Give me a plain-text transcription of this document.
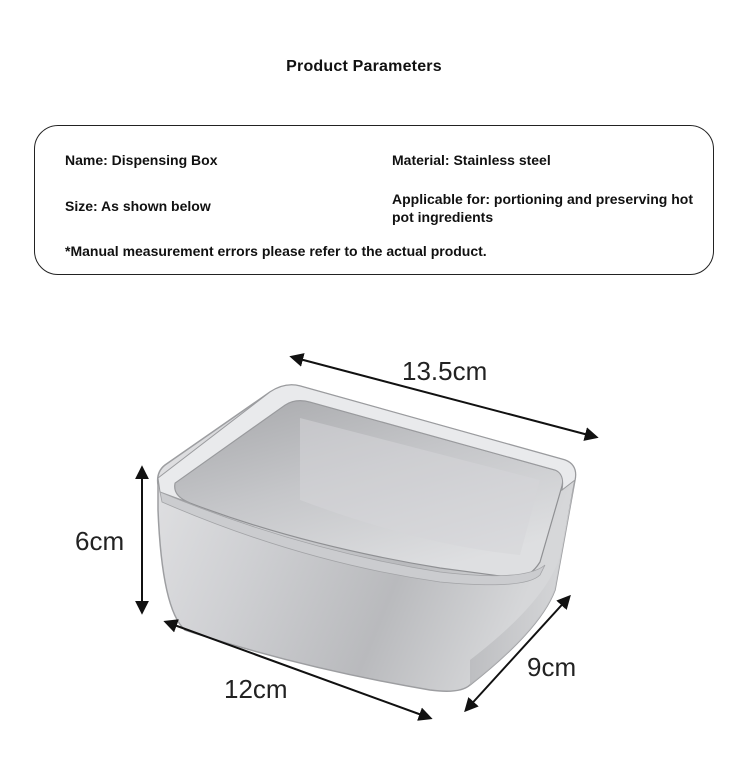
Product Parameters
Name: Dispensing Box	Material: Stainless steel
Size: As shown below	Applicable for: portioning and preserving hot pot ingredients
*Manual measurement errors please refer to the actual product.
13.5cm
6cm
12cm
9cm
